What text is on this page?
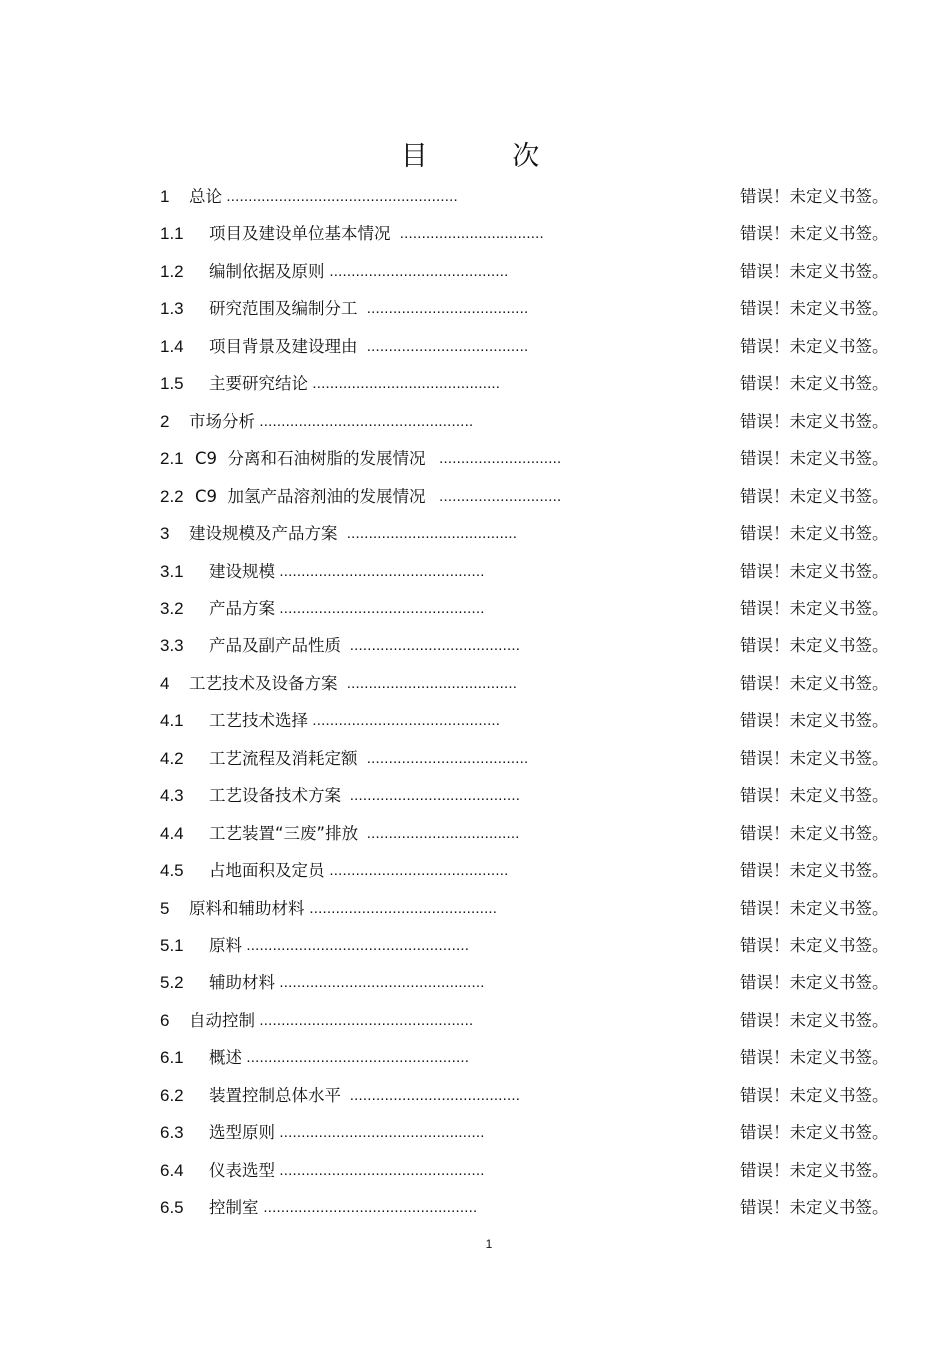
目 次
1 总论 .....................................................	错误！未定义书签。
1.1 项目及建设单位基本情况 .................................	错误！未定义书签。
1.2 编制依据及原则 .........................................	错误！未定义书签。
1.3 研究范围及编制分工 .....................................	错误！未定义书签。
1.4 项目背景及建设理由 .....................................	错误！未定义书签。
1.5 主要研究结论 ...........................................	错误！未定义书签。
2 市场分析 .................................................	错误！未定义书签。
2.1 C9  分离和石油树脂的发展情况 ............................	错误！未定义书签。
2.2 C9  加氢产品溶剂油的发展情况 ............................	错误！未定义书签。
3 建设规模及产品方案 .......................................	错误！未定义书签。
3.1 建设规模 ...............................................	错误！未定义书签。
3.2 产品方案 ...............................................	错误！未定义书签。
3.3 产品及副产品性质 .......................................	错误！未定义书签。
4 工艺技术及设备方案 .......................................	错误！未定义书签。
4.1 工艺技术选择 ...........................................	错误！未定义书签。
4.2 工艺流程及消耗定额 .....................................	错误！未定义书签。
4.3 工艺设备技术方案 .......................................	错误！未定义书签。
4.4 工艺装置“三废”排放 ...................................	错误！未定义书签。
4.5 占地面积及定员 .........................................	错误！未定义书签。
5 原料和辅助材料 ...........................................	错误！未定义书签。
5.1 原料 ...................................................	错误！未定义书签。
5.2 辅助材料 ...............................................	错误！未定义书签。
6 自动控制 .................................................	错误！未定义书签。
6.1 概述 ...................................................	错误！未定义书签。
6.2 装置控制总体水平 .......................................	错误！未定义书签。
6.3 选型原则 ...............................................	错误！未定义书签。
6.4 仪表选型 ...............................................	错误！未定义书签。
6.5 控制室 .................................................	错误！未定义书签。
1
